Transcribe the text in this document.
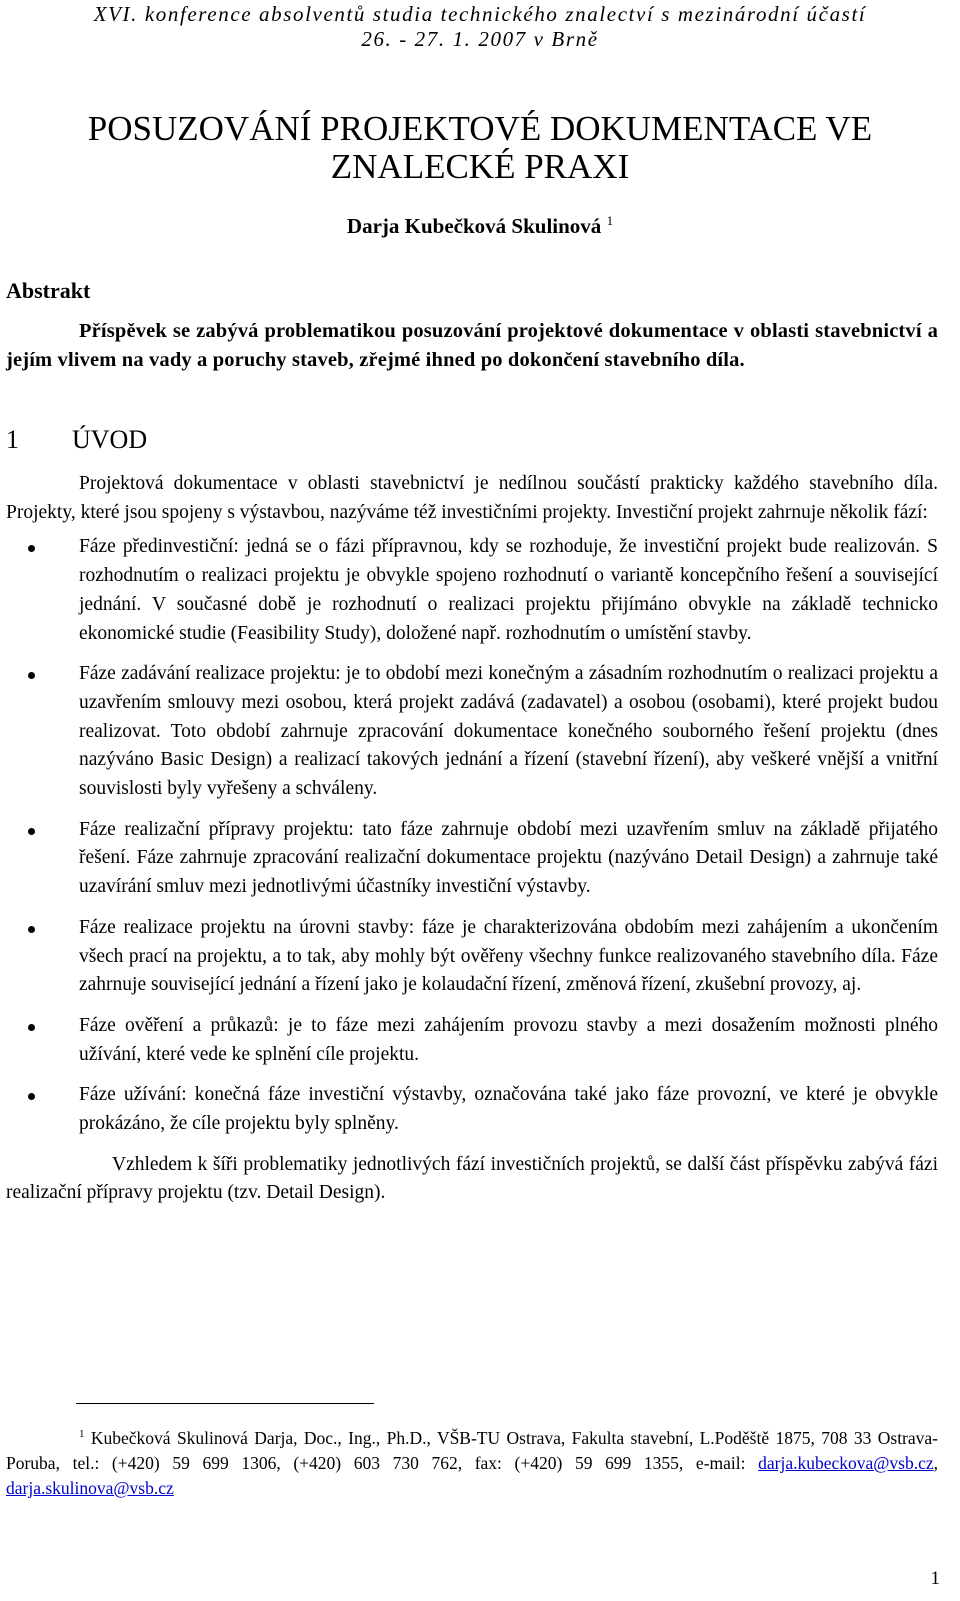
XVI. konference absolventů studia technického znalectví s mezinárodní účastí
26. - 27. 1. 2007 v Brně
POSUZOVÁNÍ PROJEKTOVÉ DOKUMENTACE VE
ZNALECKÉ PRAXI
Darja Kubečková Skulinová $^1$
Abstrakt

Příspěvek se zabývá problematikou posuzování projektové dokumentace v oblasti stavebnictví a jejím vlivem na vady a poruchy staveb, zřejmé ihned po dokončení stavebního díla.

1 ÚVOD

Projektová dokumentace v oblasti stavebnictví je nedílnou součástí prakticky každého stavebního díla. Projekty, které jsou spojeny s výstavbou, nazýváme též investičními projekty. Investiční projekt zahrnuje několik fází:

Fáze předinvestiční: jedná se o fázi přípravnou, kdy se rozhoduje, že investiční projekt bude realizován. S rozhodnutím o realizaci projektu je obvykle spojeno rozhodnutí o variantě koncepčního řešení a související jednání. V současné době je rozhodnutí o realizaci projektu přijímáno obvykle na základě technicko ekonomické studie (Feasibility Study), doložené např. rozhodnutím o umístění stavby.
Fáze zadávání realizace projektu: je to období mezi konečným a zásadním rozhodnutím o realizaci projektu a uzavřením smlouvy mezi osobou, která projekt zadává (zadavatel) a osobou (osobami), které projekt budou realizovat. Toto období zahrnuje zpracování dokumentace konečného souborného řešení projektu (dnes nazýváno Basic Design) a realizací takových jednání a řízení (stavební řízení), aby veškeré vnější a vnitřní souvislosti byly vyřešeny a schváleny.
Fáze realizační přípravy projektu: tato fáze zahrnuje období mezi uzavřením smluv na základě přijatého řešení. Fáze zahrnuje zpracování realizační dokumentace projektu (nazýváno Detail Design) a zahrnuje také uzavírání smluv mezi jednotlivými účastníky investiční výstavby.
Fáze realizace projektu na úrovni stavby: fáze je charakterizována obdobím mezi zahájením a ukončením všech prací na projektu, a to tak, aby mohly být ověřeny všechny funkce realizovaného stavebního díla. Fáze zahrnuje související jednání a řízení jako je kolaudační řízení, změnová řízení, zkušební provozy, aj.
Fáze ověření a průkazů: je to fáze mezi zahájením provozu stavby a mezi dosažením možnosti plného užívání, které vede ke splnění cíle projektu.
Fáze užívání: konečná fáze investiční výstavby, označována také jako fáze provozní, ve které je obvykle prokázáno, že cíle projektu byly splněny.

Vzhledem k šíři problematiky jednotlivých fází investičních projektů, se další část příspěvku zabývá fázi realizační přípravy projektu (tzv. Detail Design).

$^1$ Kubečková Skulinová Darja, Doc., Ing., Ph.D., VŠB-TU Ostrava, Fakulta stavební, L.Poděště 1875, 708 33 Ostrava-Poruba, tel.: (+420) 59 699 1306, (+420) 603 730 762, fax: (+420) 59 699 1355, e-mail: darja.kubeckova@vsb.cz, darja.skulinova@vsb.cz
1
